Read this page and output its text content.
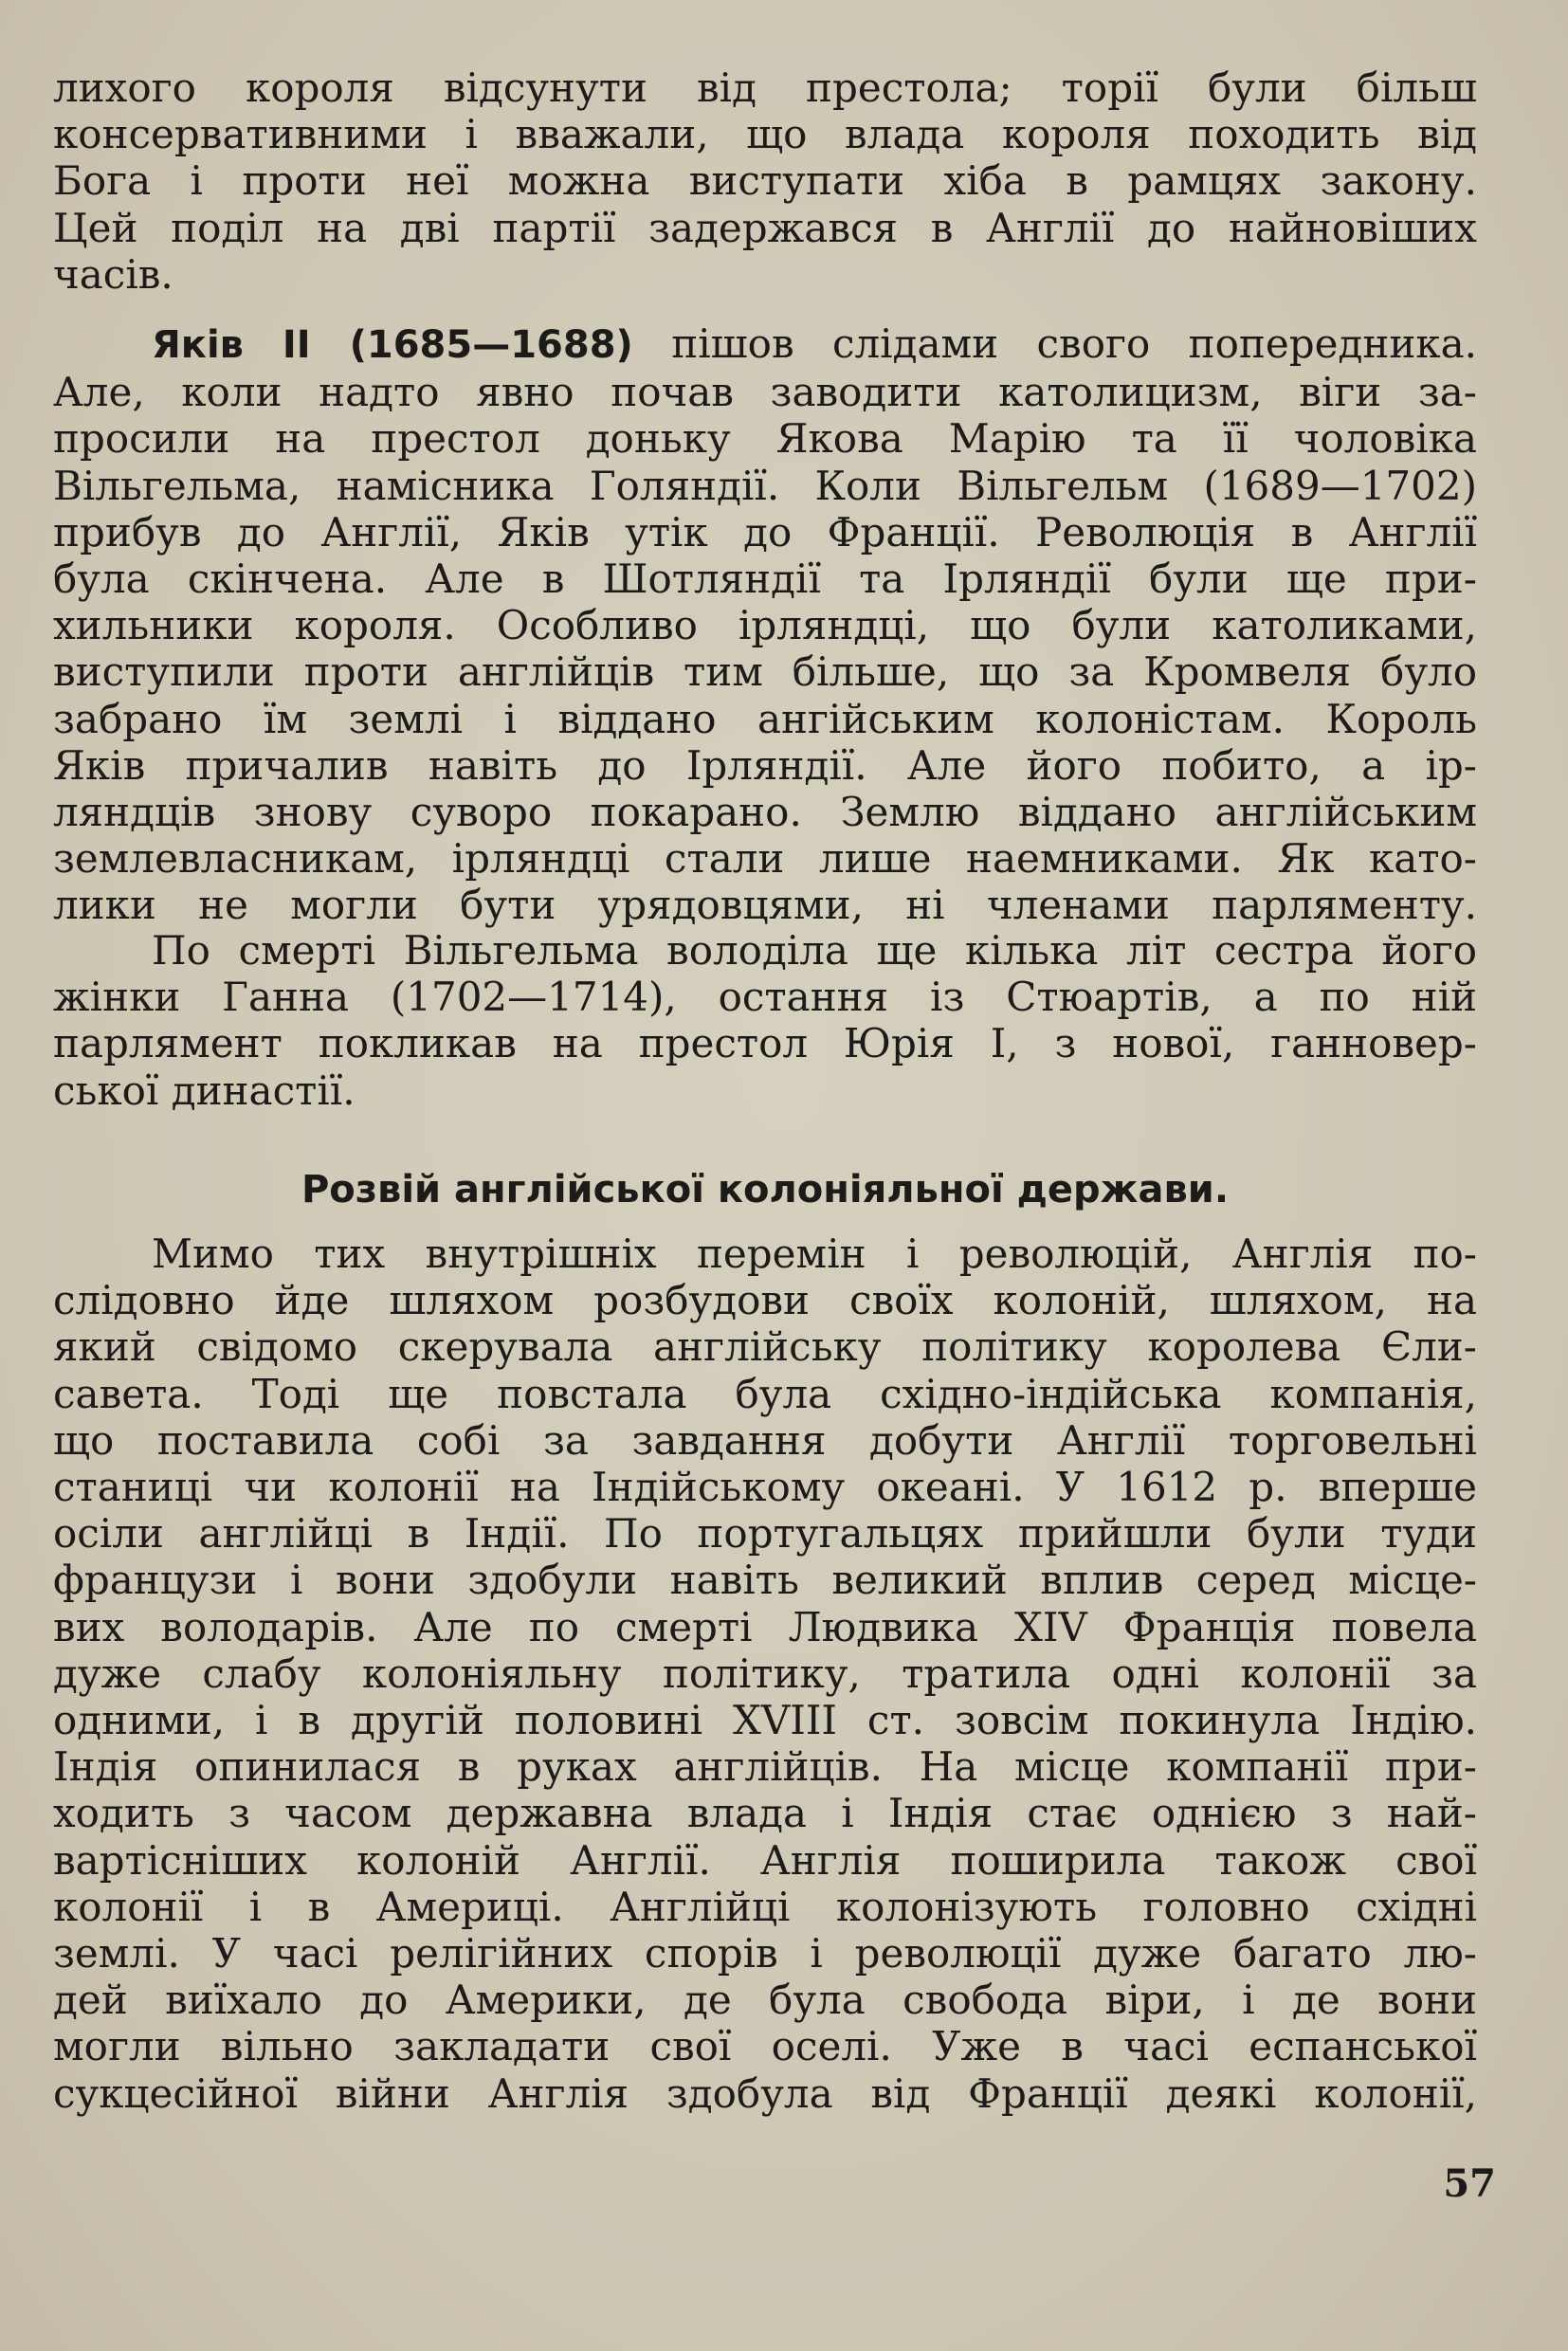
лихого короля відсунути від престола; торії були більш
консервативними і вважали, що влада короля походить від
Бога і проти неї можна виступати хіба в рамцях закону.
Цей поділ на дві партії задержався в Англії до найновіших
часів.
Яків II (1685—1688) пішов слідами свого попередника.
Але, коли надто явно почав заводити католицизм, віги за-
просили на престол доньку Якова Марію та її чоловіка
Вільгельма, намісника Голяндії. Коли Вільгельм (1689—1702)
прибув до Англії, Яків утік до Франції. Революція в Англії
була скінчена. Але в Шотляндії та Ірляндії були ще при-
хильники короля. Особливо ірляндці, що були католиками,
виступили проти англійців тим більше, що за Кромвеля було
забрано їм землі і віддано ангійським колоністам. Король
Яків причалив навіть до Ірляндії. Але його побито, а ір-
ляндців знову суворо покарано. Землю віддано англійським
землевласникам, ірляндці стали лише наемниками. Як като-
лики не могли бути урядовцями, ні членами парляменту.
По смерті Вільгельма володіла ще кілька літ сестра його
жінки Ганна (1702—1714), остання із Стюартів, а по ній
парлямент покликав на престол Юрія І, з нової, ганновер-
ської династії.
Розвій англійської колоніяльної держави.
Мимо тих внутрішніх перемін і революцій, Англія по-
слідовно йде шляхом розбудови своїх колоній, шляхом, на
який свідомо скерувала англійську політику королева Єли-
савета. Тоді ще повстала була східно-індійська компанія,
що поставила собі за завдання добути Англії торговельні
станиці чи колонії на Індійському океані. У 1612 р. вперше
осіли англійці в Індії. По португальцях прийшли були туди
французи і вони здобули навіть великий вплив серед місце-
вих володарів. Але по смерті Людвика XIV Франція повела
дуже слабу колоніяльну політику, тратила одні колонії за
одними, і в другій половині XVIII ст. зовсім покинула Індію.
Індія опинилася в руках англійців. На місце компанії при-
ходить з часом державна влада і Індія стає однією з най-
вартісніших колоній Англії. Англія поширила також свої
колонії і в Америці. Англійці колонізують головно східні
землі. У часі релігійних спорів і революції дуже багато лю-
дей виїхало до Америки, де була свобода віри, і де вони
могли вільно закладати свої оселі. Уже в часі еспанської
сукцесійної війни Англія здобула від Франції деякі колонії,
57
